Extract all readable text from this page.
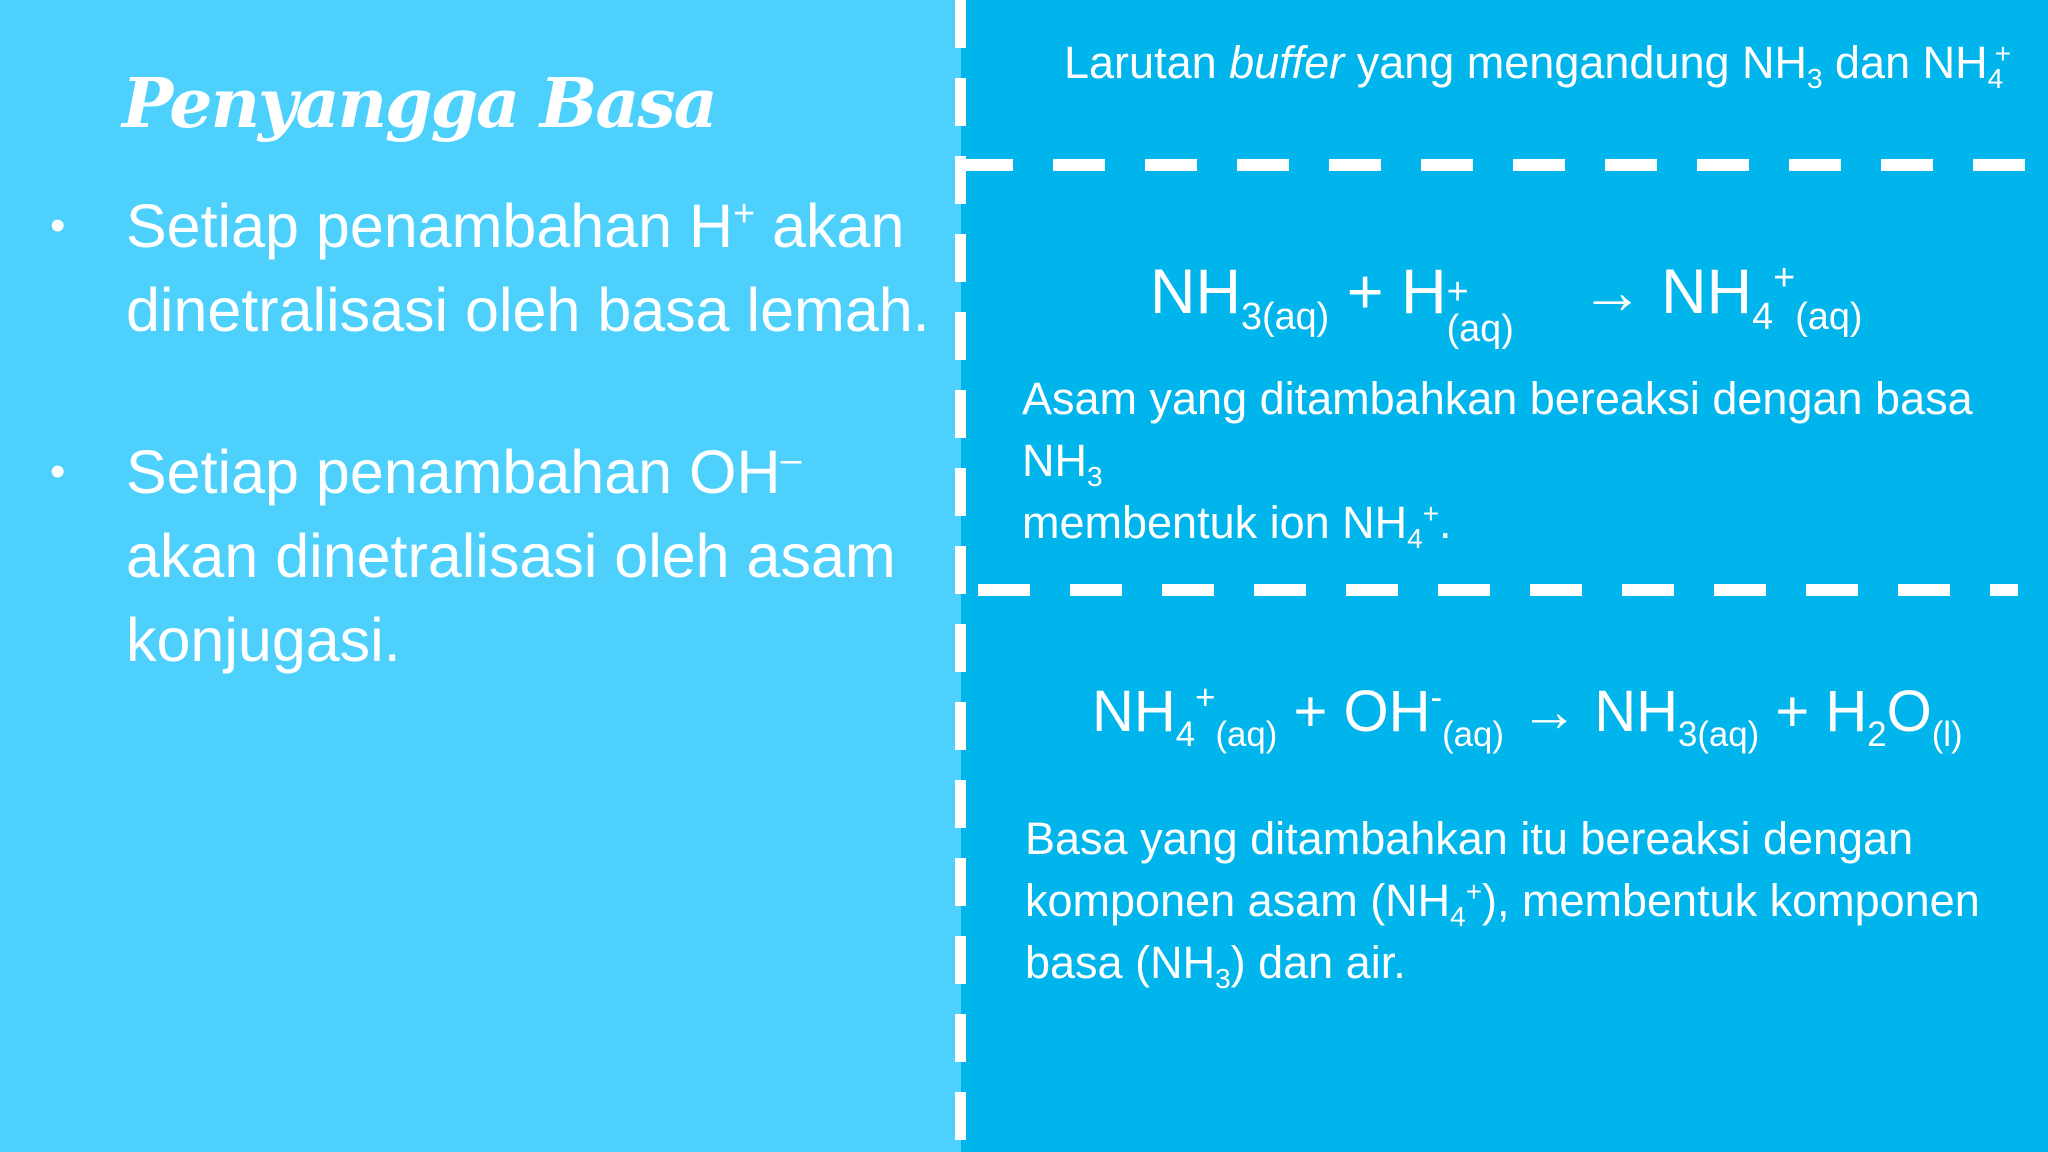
Penyangga Basa
• Setiap penambahan H+ akan dinetralisasi oleh basa lemah.
• Setiap penambahan OH– akan dinetralisasi oleh asam konjugasi.
Larutan buffer yang mengandung $NH_3$ dan $NH_4^+$
$NH_{3(aq)} + H$ +
(aq)
→ $NH_4^+_{(aq)}$
Asam yang ditambahkan bereaksi dengan basa $NH_3$
membentuk ion $NH_4^+$.
$NH_4^+_{(aq)} + OH^-_{(aq)} \to NH_{3(aq)} + H_2O_{(l)}$
Basa yang ditambahkan itu bereaksi dengan
komponen asam $(NH_4^+)$, membentuk komponen
basa $(NH_3)$ dan air.
